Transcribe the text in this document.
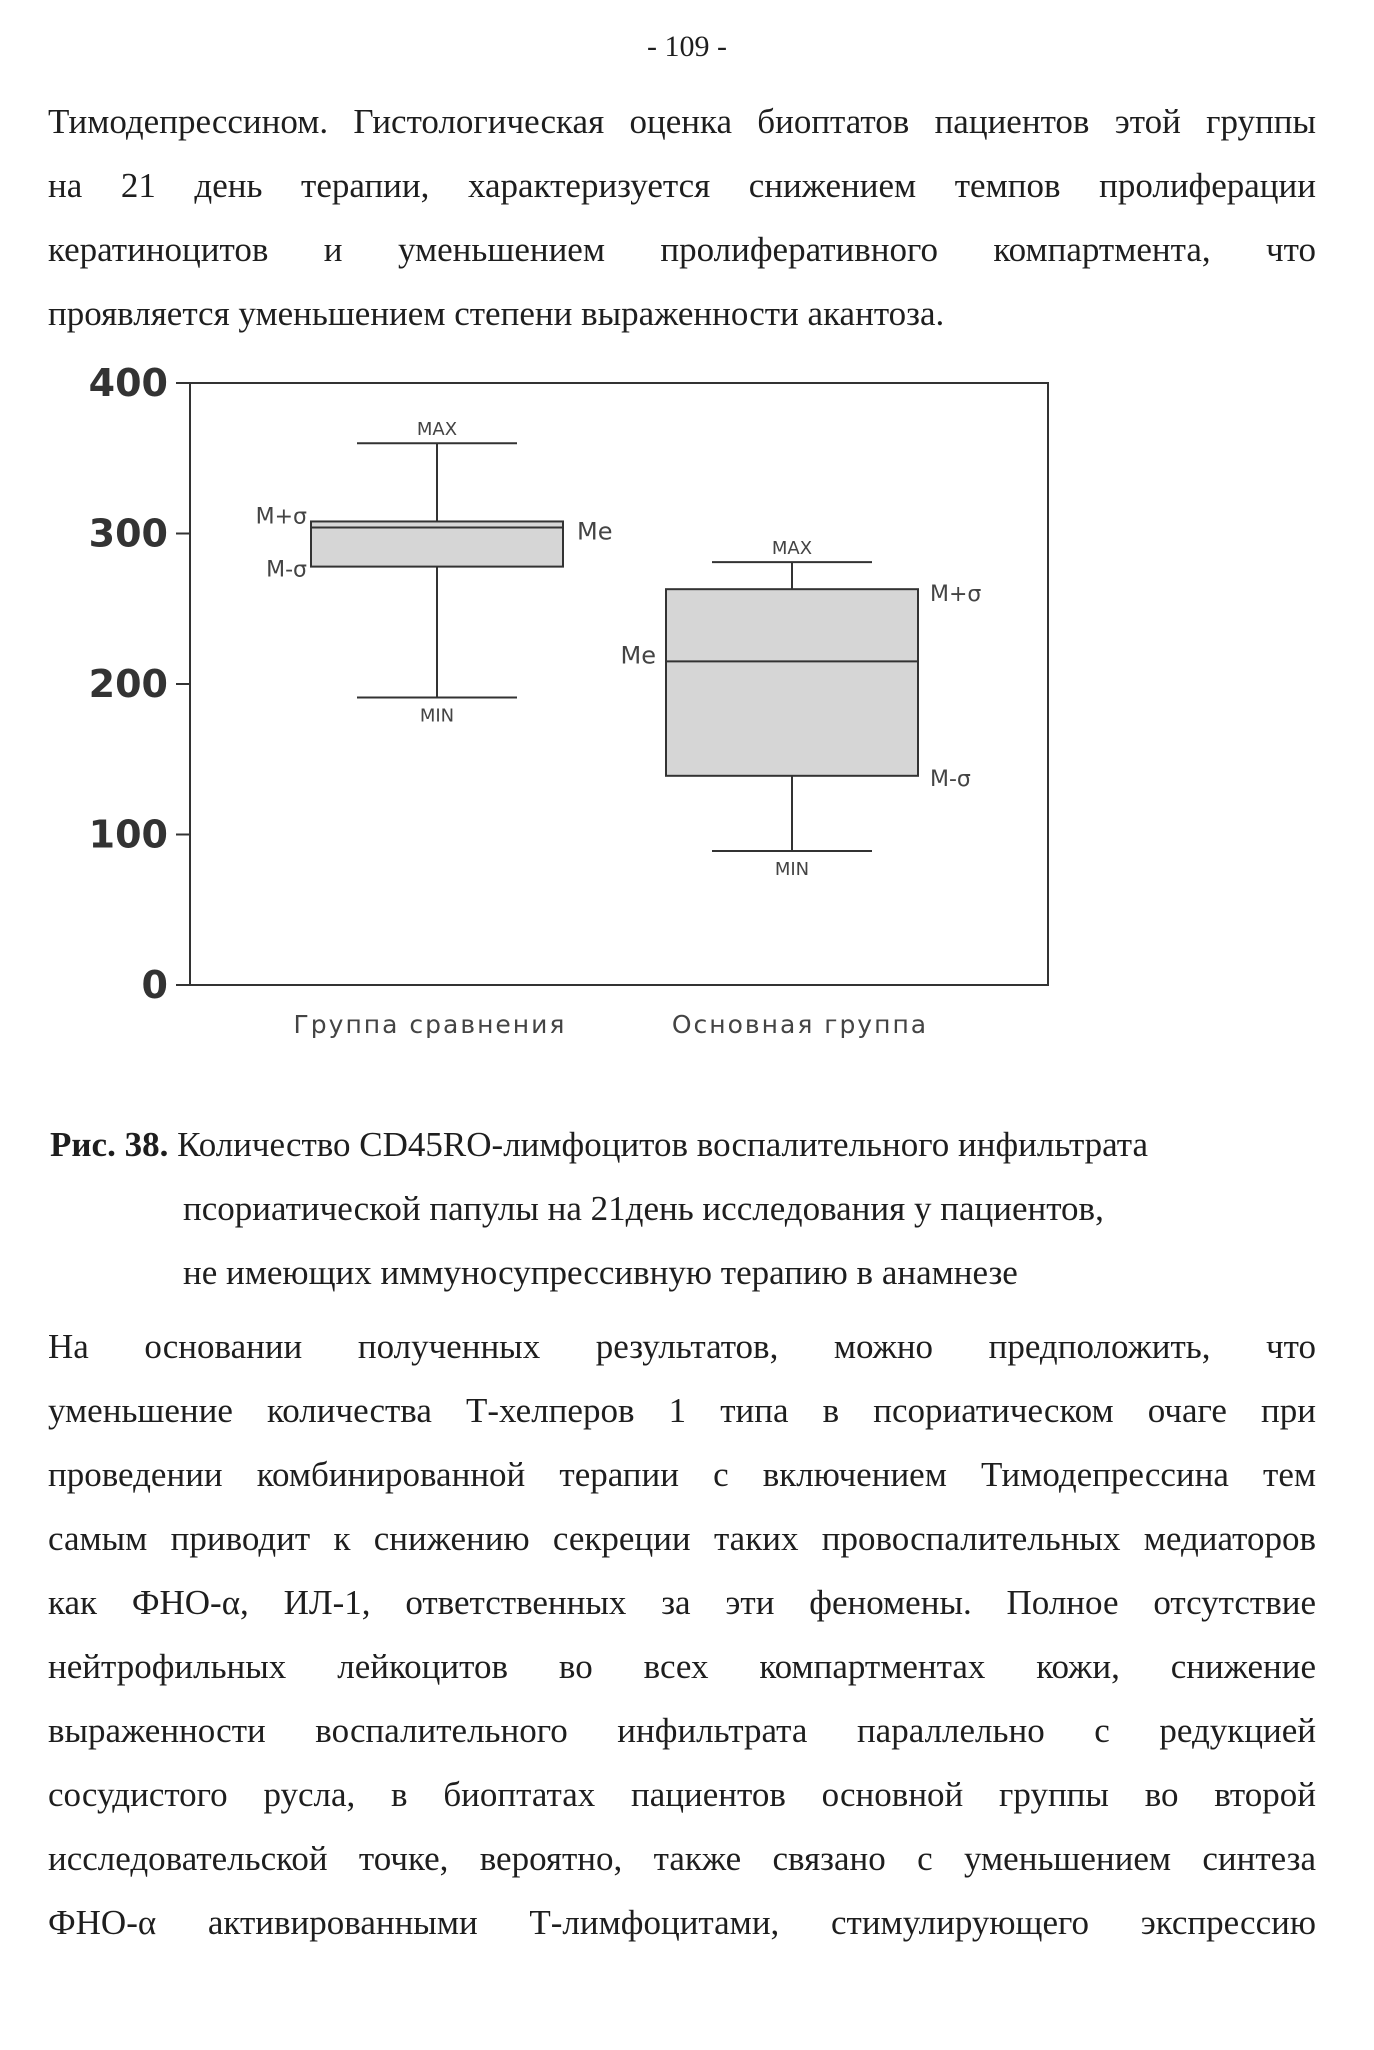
- 109 -
Тимодепрессином. Гистологическая оценка биоптатов пациентов этой группы
на 21 день терапии, характеризуется снижением темпов пролиферации
кератиноцитов и уменьшением пролиферативного компартмента, что
проявляется уменьшением степени выраженности акантоза.
0
100
200
300
400
MAX
MIN
M+σ
M-σ
Me
Группа сравнения
MAX
MIN
M+σ
M-σ
Me
Основная группа
Рис. 38. Количество CD45RO-лимфоцитов воспалительного инфильтрата
псориатической папулы на 21день исследования у пациентов,
не имеющих иммуносупрессивную терапию в анамнезе
На основании полученных результатов, можно предположить, что
уменьшение количества Т-хелперов 1 типа в псориатическом очаге при
проведении комбинированной терапии с включением Тимодепрессина тем
самым приводит к снижению секреции таких провоспалительных медиаторов
как ФНО-α, ИЛ-1, ответственных за эти феномены. Полное отсутствие
нейтрофильных лейкоцитов во всех компартментах кожи, снижение
выраженности воспалительного инфильтрата параллельно с редукцией
сосудистого русла, в биоптатах пациентов основной группы во второй
исследовательской точке, вероятно, также связано с уменьшением синтеза
ФНО-α активированными Т-лимфоцитами, стимулирующего экспрессию
